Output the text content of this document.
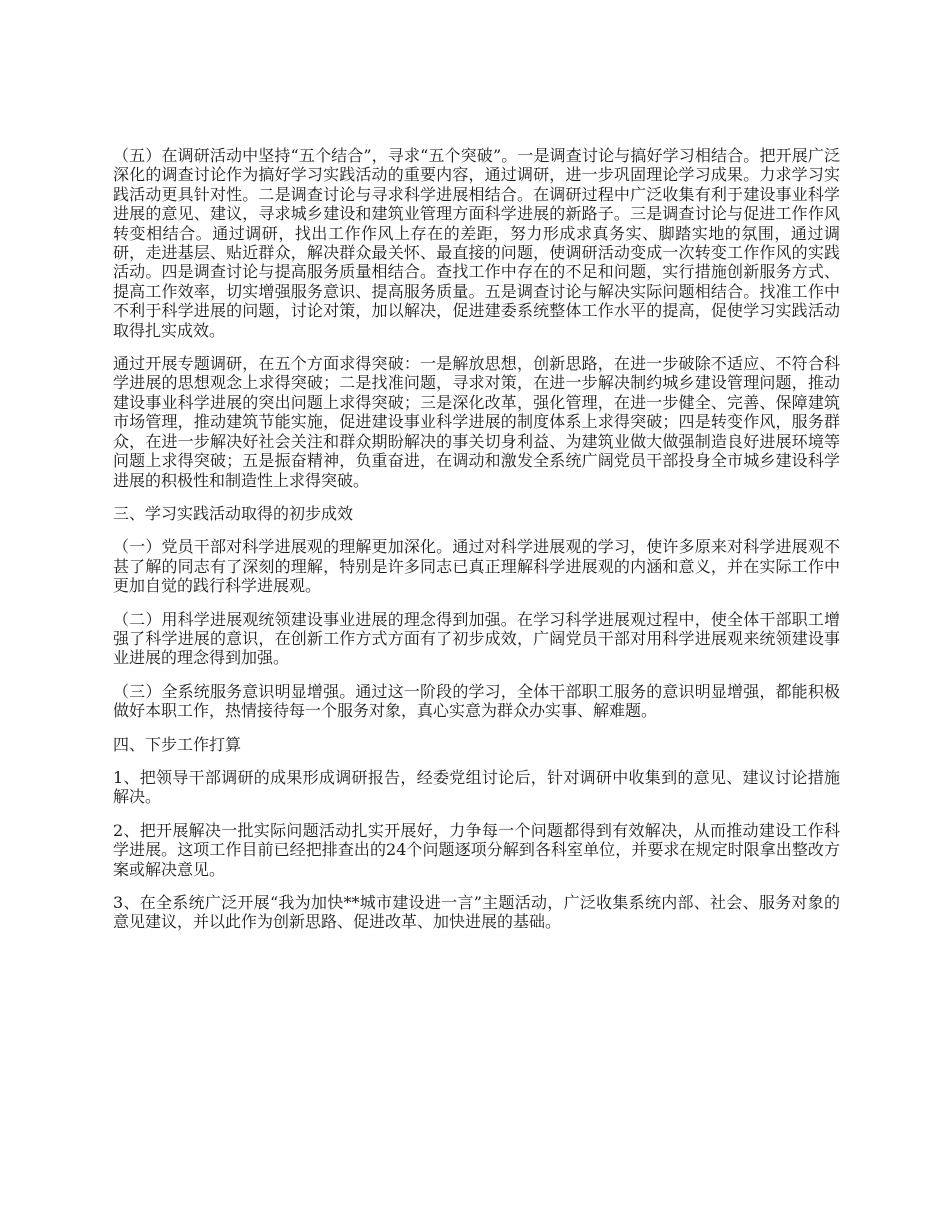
（五）在调研活动中坚持“五个结合”，寻求“五个突破”。一是调查讨论与搞好学习相结合。把开展广泛深化的调查讨论作为搞好学习实践活动的重要内容，通过调研，进一步巩固理论学习成果。力求学习实践活动更具针对性。二是调查讨论与寻求科学进展相结合。在调研过程中广泛收集有利于建设事业科学进展的意见、建议，寻求城乡建设和建筑业管理方面科学进展的新路子。三是调查讨论与促进工作作风转变相结合。通过调研，找出工作作风上存在的差距，努力形成求真务实、脚踏实地的氛围，通过调研，走进基层、贴近群众，解决群众最关怀、最直接的问题，使调研活动变成一次转变工作作风的实践活动。四是调查讨论与提高服务质量相结合。查找工作中存在的不足和问题，实行措施创新服务方式、提高工作效率，切实增强服务意识、提高服务质量。五是调查讨论与解决实际问题相结合。找准工作中不利于科学进展的问题，讨论对策，加以解决，促进建委系统整体工作水平的提高，促使学习实践活动取得扎实成效。

通过开展专题调研，在五个方面求得突破：一是解放思想，创新思路，在进一步破除不适应、不符合科学进展的思想观念上求得突破；二是找准问题，寻求对策，在进一步解决制约城乡建设管理问题，推动建设事业科学进展的突出问题上求得突破；三是深化改革，强化管理，在进一步健全、完善、保障建筑市场管理，推动建筑节能实施，促进建设事业科学进展的制度体系上求得突破；四是转变作风，服务群众，在进一步解决好社会关注和群众期盼解决的事关切身利益、为建筑业做大做强制造良好进展环境等问题上求得突破；五是振奋精神，负重奋进，在调动和激发全系统广阔党员干部投身全市城乡建设科学进展的积极性和制造性上求得突破。

三、学习实践活动取得的初步成效

（一）党员干部对科学进展观的理解更加深化。通过对科学进展观的学习，使许多原来对科学进展观不甚了解的同志有了深刻的理解，特别是许多同志已真正理解科学进展观的内涵和意义，并在实际工作中更加自觉的践行科学进展观。

（二）用科学进展观统领建设事业进展的理念得到加强。在学习科学进展观过程中，使全体干部职工增强了科学进展的意识，在创新工作方式方面有了初步成效，广阔党员干部对用科学进展观来统领建设事业进展的理念得到加强。

（三）全系统服务意识明显增强。通过这一阶段的学习，全体干部职工服务的意识明显增强，都能积极做好本职工作，热情接待每一个服务对象，真心实意为群众办实事、解难题。

四、下步工作打算

1、把领导干部调研的成果形成调研报告，经委党组讨论后，针对调研中收集到的意见、建议讨论措施解决。

2、把开展解决一批实际问题活动扎实开展好，力争每一个问题都得到有效解决，从而推动建设工作科学进展。这项工作目前已经把排查出的24个问题逐项分解到各科室单位，并要求在规定时限拿出整改方案或解决意见。

3、在全系统广泛开展“我为加快**城市建设进一言”主题活动，广泛收集系统内部、社会、服务对象的意见建议，并以此作为创新思路、促进改革、加快进展的基础。
